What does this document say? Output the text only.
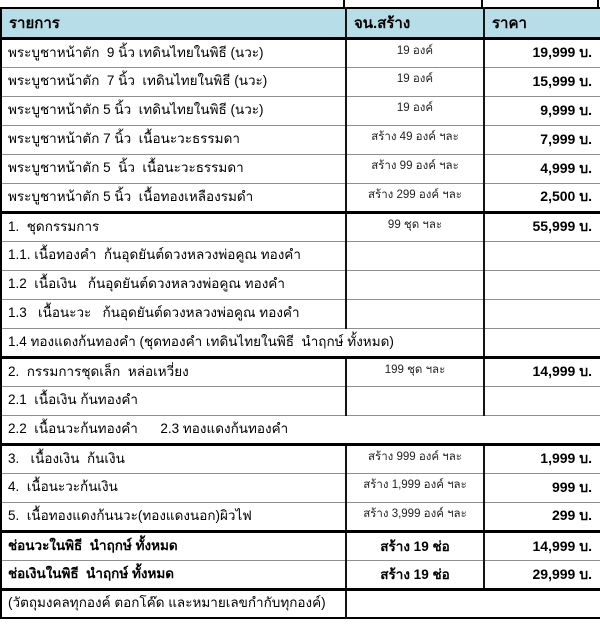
รายการ	จน.สร้าง	ราคา
พระบูชาหน้าตัก  9 นิ้ว เทดินไทยในพิธี (นวะ)	19 องค์	19,999 บ.
พระบูชาหน้าตัก  7 นิ้ว  เทดินไทยในพิธี (นวะ)	19 องค์	15,999 บ.
พระบูชาหน้าตัก 5 นิ้ว  เทดินไทยในพิธี (นวะ)	19 องค์	9,999 บ.
พระบูชาหน้าตัก 7 นิ้ว  เนื้อนะวะธรรมดา	สร้าง 49 องค์ ฯละ	7,999 บ.
พระบูชาหน้าตัก 5  นิ้ว  เนื้อนะวะธรรมดา	สร้าง 99 องค์ ฯละ	4,999 บ.
พระบูชาหน้าตัก 5 นิ้ว  เนื้อทองเหลืองรมดำ	สร้าง 299 องค์ ฯละ	2,500 บ.
1.  ชุดกรรมการ	99 ชุด ฯละ	55,999 บ.
1.1. เนื้อทองคำ  ก้นอุดยันต์ดวงหลวงพ่อคูณ ทองคำ		
1.2  เนื้อเงิน   ก้นอุดยันต์ดวงหลวงพ่อคูณ ทองคำ		
1.3   เนื้อนะวะ   ก้นอุดยันต์ดวงหลวงพ่อคูณ ทองคำ		
1.4 ทองแดงก้นทองคำ (ชุดทองคำ เทดินไทยในพิธี  นำฤกษ์ ทั้งหมด)		
2.  กรรมการชุดเล็ก  หล่อเหวี่ยง	199 ชุด ฯละ	14,999 บ.
2.1  เนื้อเงิน ก้นทองคำ		
2.2  เนื้อนวะก้นทองคำ      2.3 ทองแดงก้นทองคำ		
3.   เนื้องเงิน  ก้นเงิน	สร้าง 999 องค์ ฯละ	1,999 บ.
4.  เนื้อนะวะก้นเงิน	สร้าง 1,999 องค์ ฯละ	999 บ.
5.  เนื้อทองแดงก้นนวะ(ทองแดงนอก)ผิวไฟ	สร้าง 3,999 องค์ ฯละ	299 บ.
ช่อนวะในพิธี  นำฤกษ์ ทั้งหมด	สร้าง 19 ช่อ	14,999 บ.
ช่อเงินในพิธี  นำฤกษ์ ทั้งหมด	สร้าง 19 ช่อ	29,999 บ.
(วัตถุมงคลทุกองค์ ตอกโค๊ด และหมายเลขกำกับทุกองค์)		
